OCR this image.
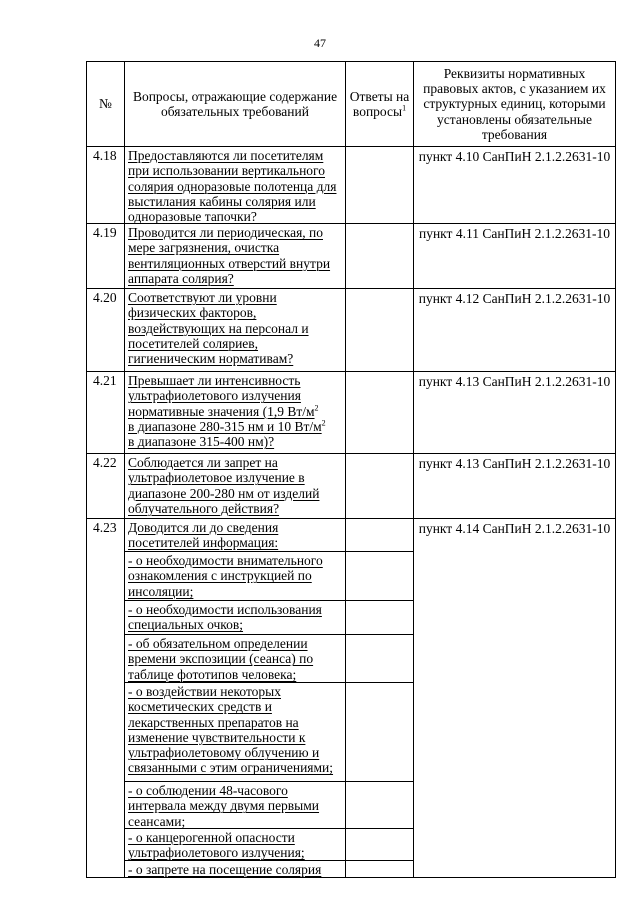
47
№
Вопросы, отражающие содержание обязательных требований
Ответы на вопросы$^1$
Реквизиты нормативных правовых актов, с указанием их структурных единиц, которыми установлены обязательные требования
4.18 Предоставляются ли посетителям при использовании вертикального солярия одноразовые полотенца для выстилания кабины солярия или одноразовые тапочки?
пункт 4.10 СанПиН 2.1.2.2631-10
4.19 Проводится ли периодическая, по мере загрязнения, очистка вентиляционных отверстий внутри аппарата солярия?
пункт 4.11 СанПиН 2.1.2.2631-10
4.20 Соответствуют ли уровни физических факторов, воздействующих на персонал и посетителей соляриев, гигиеническим нормативам?
пункт 4.12 СанПиН 2.1.2.2631-10
4.21 Превышает ли интенсивность
ультрафиолетового излучения
нормативные значения (1,9 $Вт/м^2$
в диапазоне 280-315 нм и 10 $Вт/м^2$
в диапазоне 315-400 нм)?
пункт 4.13 СанПиН 2.1.2.2631-10
4.22 Соблюдается ли запрет на ультрафиолетовое излучение в диапазоне 200-280 нм от изделий облучательного действия?
пункт 4.13 СанПиН 2.1.2.2631-10
4.23 Доводится ли до сведения посетителей информация:
пункт 4.14 СанПиН 2.1.2.2631-10
- о необходимости внимательного ознакомления с инструкцией по инсоляции;
- о необходимости использования специальных очков;
- об обязательном определении времени экспозиции (сеанса) по таблице фототипов человека;
- о воздействии некоторых косметических средств и лекарственных препаратов на изменение чувствительности к ультрафиолетовому облучению и связанными с этим ограничениями;
- о соблюдении 48-часового интервала между двумя первыми сеансами;
- о канцерогенной опасности ультрафиолетового излучения;
- о запрете на посещение солярия
